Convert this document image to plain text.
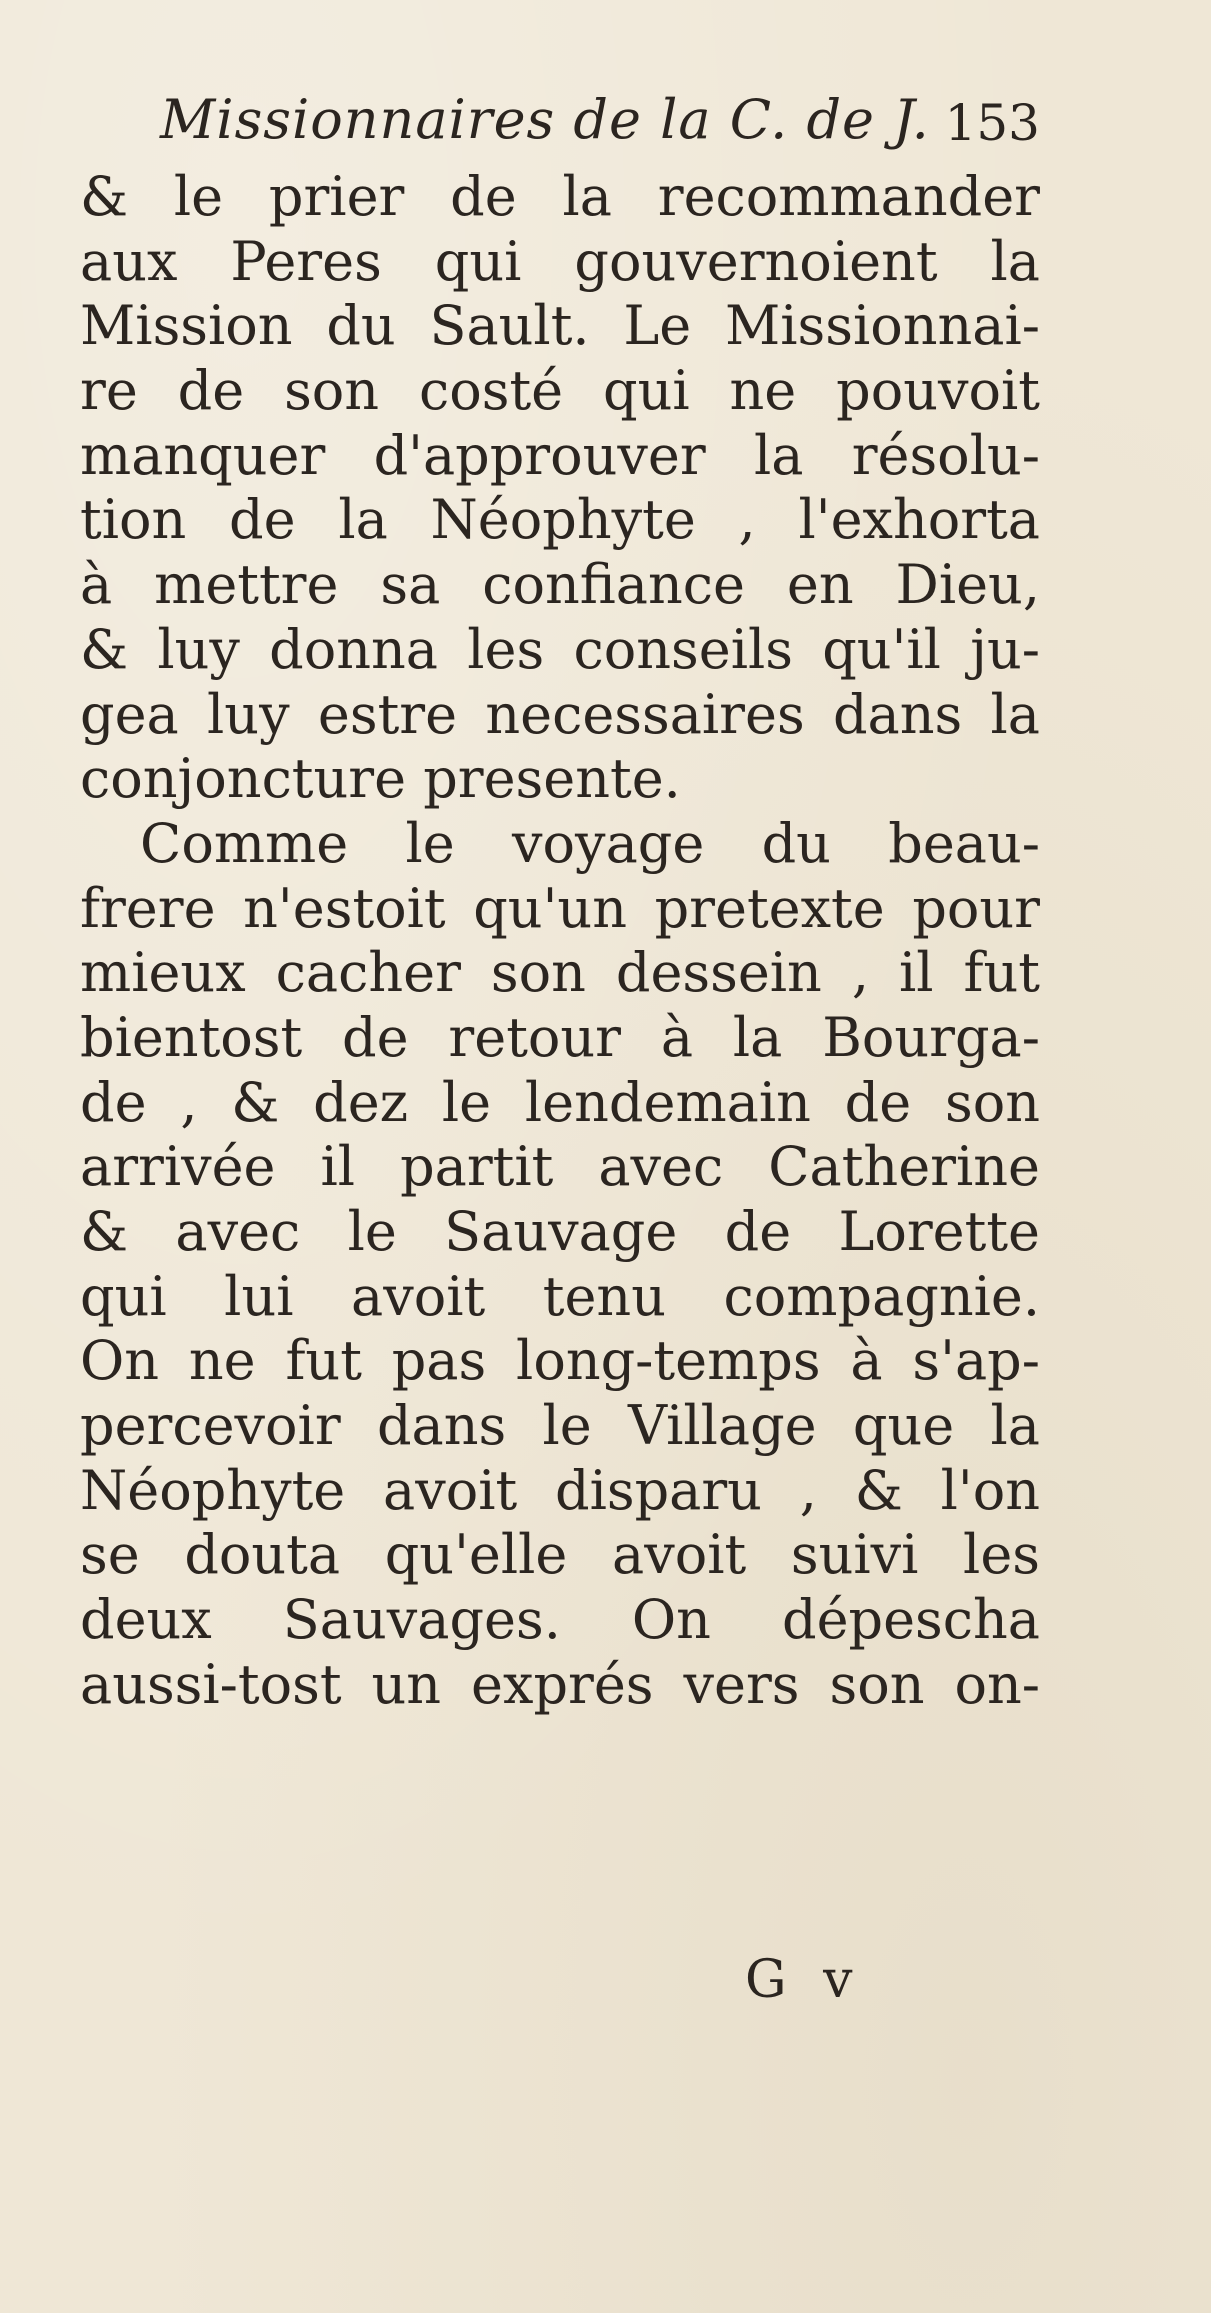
Missionnaires de la C. de J. 153
& le prier de la recommander
aux Peres qui gouvernoient la
Mission du Sault. Le Missionnai-
re de son costé qui ne pouvoit
manquer d'approuver la résolu-
tion de la Néophyte , l'exhorta
à mettre sa confiance en Dieu,
& luy donna les conseils qu'il ju-
gea luy estre necessaires dans la
conjoncture presente.
Comme le voyage du beau-
frere n'estoit qu'un pretexte pour
mieux cacher son dessein , il fut
bientost de retour à la Bourga-
de , & dez le lendemain de son
arrivée il partit avec Catherine
& avec le Sauvage de Lorette
qui lui avoit tenu compagnie.
On ne fut pas long-temps à s'ap-
percevoir dans le Village que la
Néophyte avoit disparu , & l'on
se douta qu'elle avoit suivi les
deux Sauvages. On dépescha
aussi-tost un exprés vers son on-
G v
